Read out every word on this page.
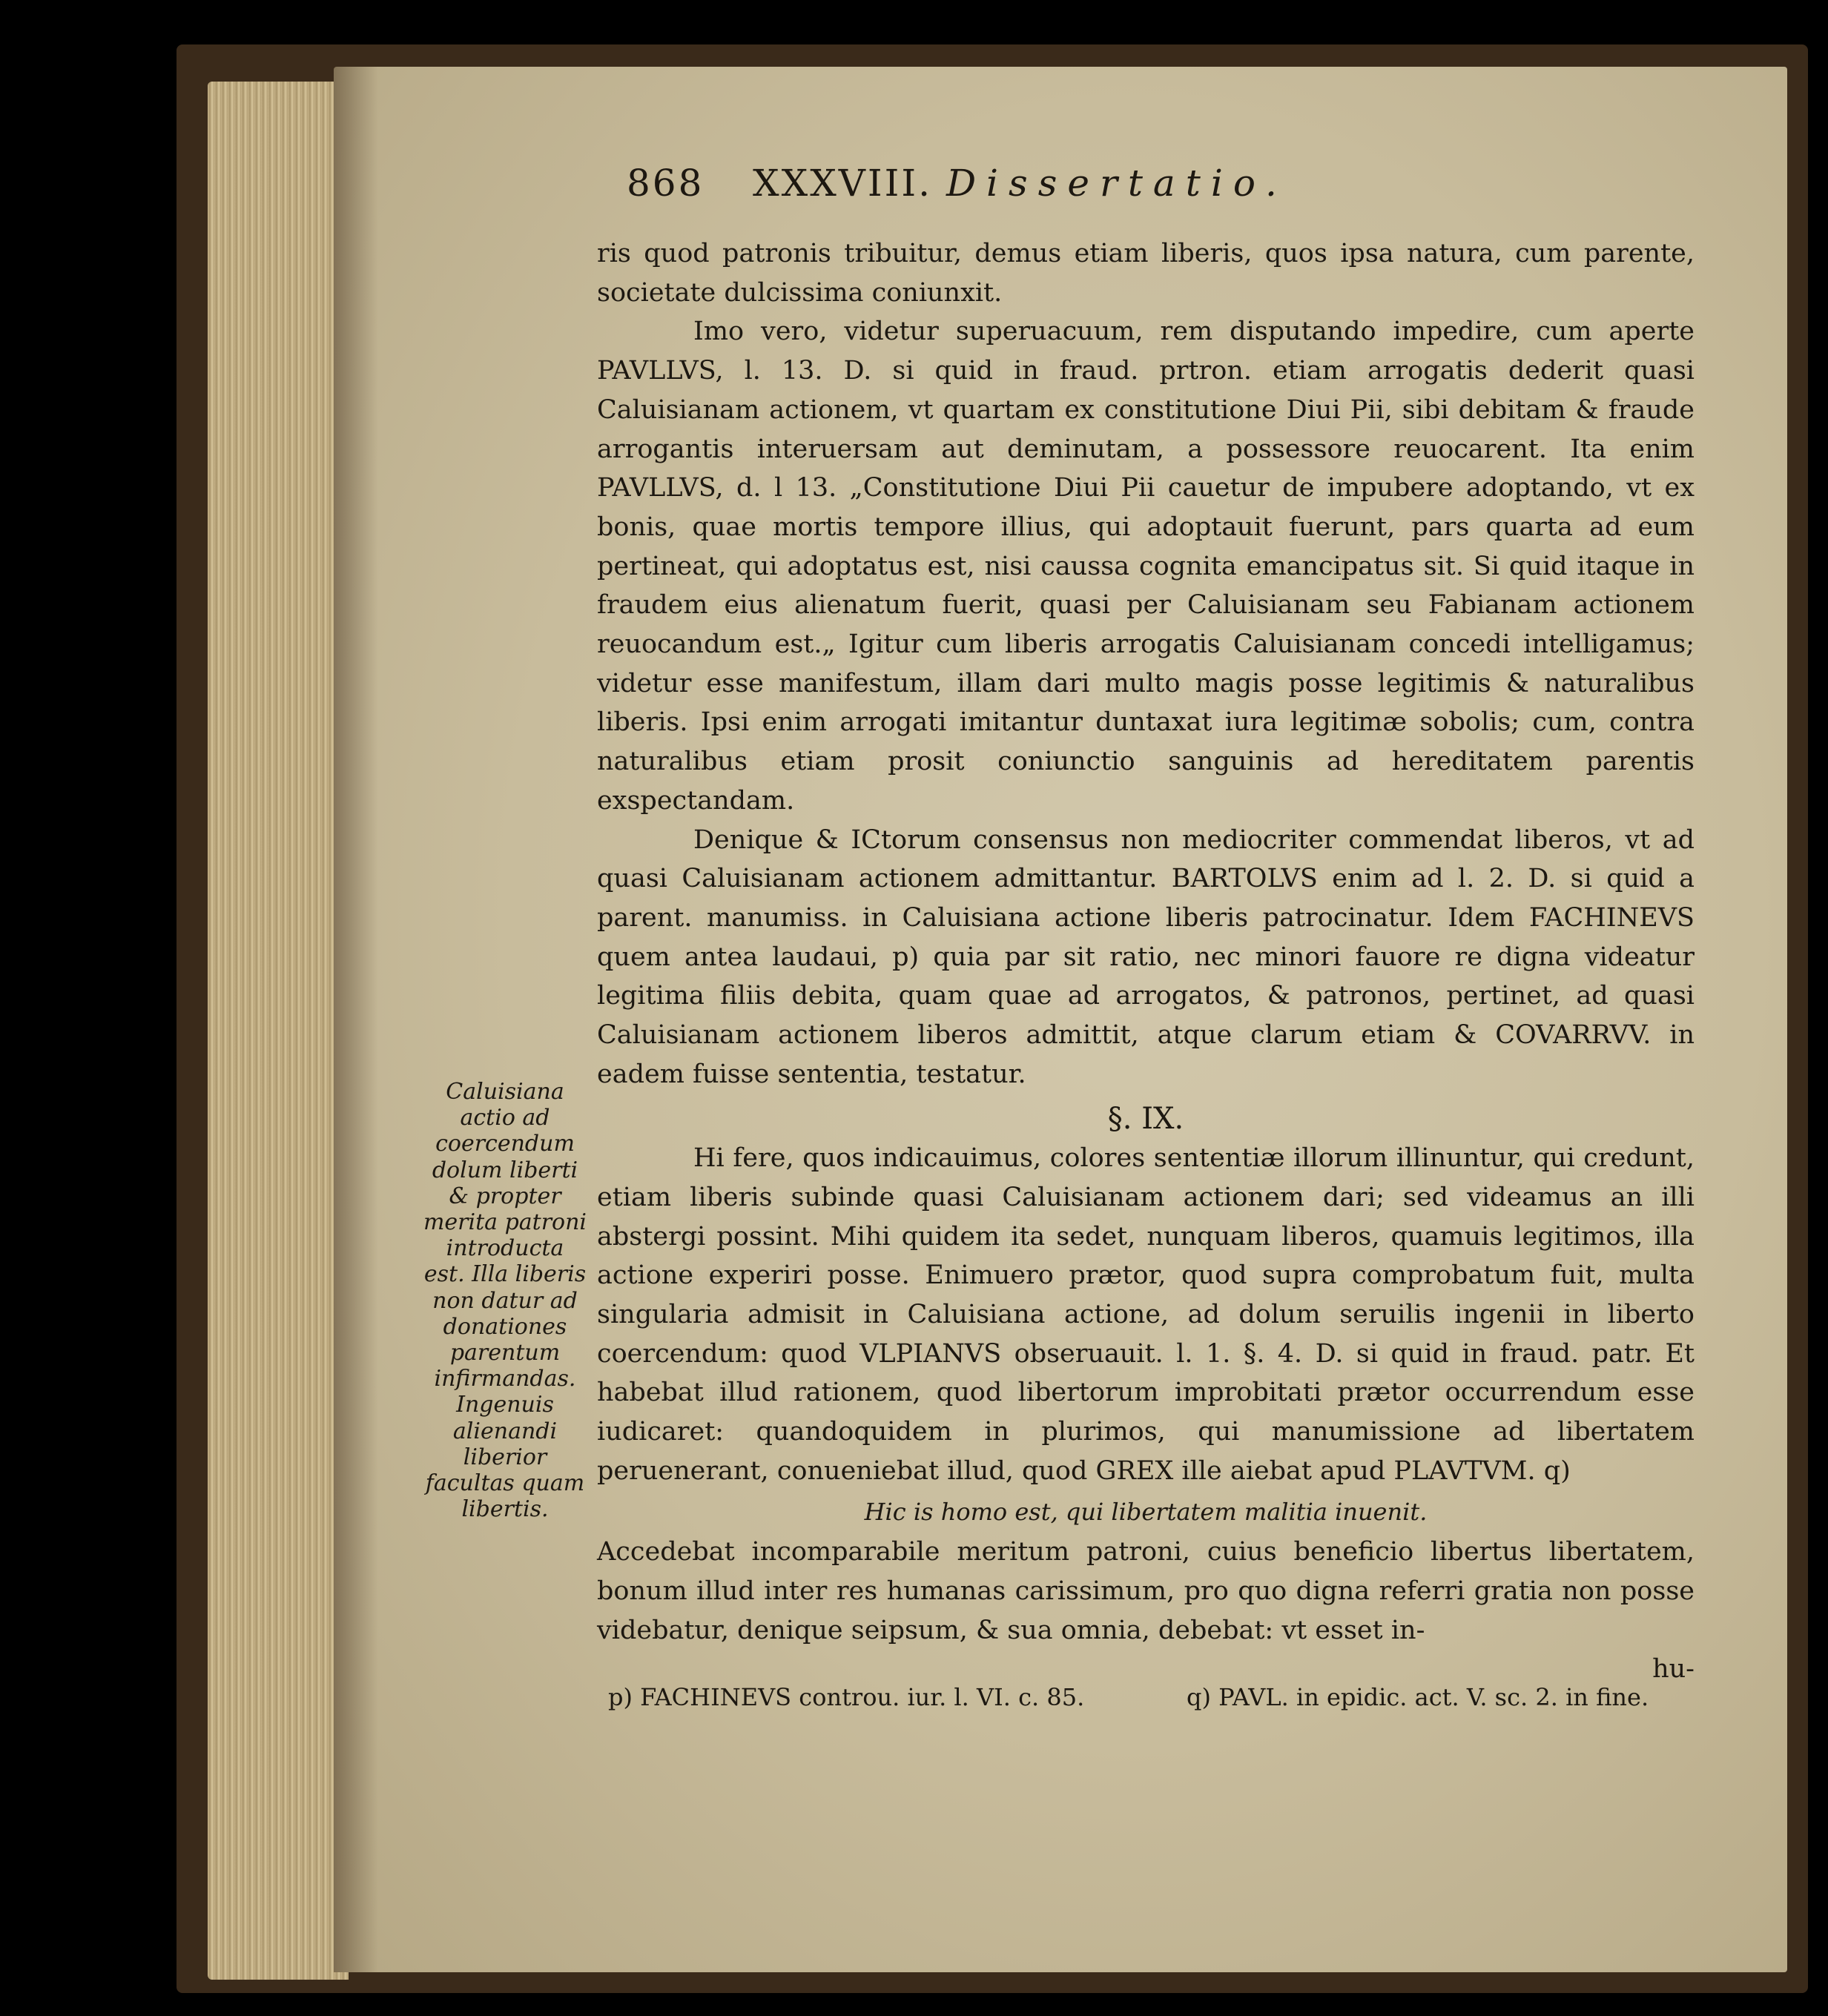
868 XXXVIII. Dissertatio.

ris quod patronis tribuitur, demus etiam liberis, quos ipsa natura, cum parente, societate dulcissima coniunxit.

Imo vero, videtur superuacuum, rem disputando impedire, cum aperte PAVLLVS, l. 13. D. si quid in fraud. prtron. etiam arrogatis dederit quasi Caluisianam actionem, vt quartam ex constitutione Diui Pii, sibi debitam & fraude arrogantis interuersam aut deminutam, a possessore reuocarent. Ita enim PAVLLVS, d. l 13. „Constitutione Diui Pii cauetur de impubere adoptando, vt ex bonis, quae mortis tempore illius, qui adoptauit fuerunt, pars quarta ad eum pertineat, qui adoptatus est, nisi caussa cognita emancipatus sit. Si quid itaque in fraudem eius alienatum fuerit, quasi per Caluisianam seu Fabianam actionem reuocandum est.„ Igitur cum liberis arrogatis Caluisianam concedi intelligamus; videtur esse manifestum, illam dari multo magis posse legitimis & naturalibus liberis. Ipsi enim arrogati imitantur duntaxat iura legitimæ sobolis; cum, contra naturalibus etiam prosit coniunctio sanguinis ad hereditatem parentis exspectandam.

Denique & ICtorum consensus non mediocriter commendat liberos, vt ad quasi Caluisianam actionem admittantur. BARTOLVS enim ad l. 2. D. si quid a parent. manumiss. in Caluisiana actione liberis patrocinatur. Idem FACHINEVS quem antea laudaui, p) quia par sit ratio, nec minori fauore re digna videatur legitima filiis debita, quam quae ad arrogatos, & patronos, pertinet, ad quasi Caluisianam actionem liberos admittit, atque clarum etiam & COVARRVV. in eadem fuisse sententia, testatur.

§. IX.

Hi fere, quos indicauimus, colores sententiæ illorum illinuntur, qui credunt, etiam liberis subinde quasi Caluisianam actionem dari; sed videamus an illi abstergi possint. Mihi quidem ita sedet, nunquam liberos, quamuis legitimos, illa actione experiri posse. Enimuero prætor, quod supra comprobatum fuit, multa singularia admisit in Caluisiana actione, ad dolum seruilis ingenii in liberto coercendum: quod VLPIANVS obseruauit. l. 1. §. 4. D. si quid in fraud. patr. Et habebat illud rationem, quod libertorum improbitati prætor occurrendum esse iudicaret: quandoquidem in plurimos, qui manumissione ad libertatem peruenerant, conueniebat illud, quod GREX ille aiebat apud PLAVTVM. q)

Hic is homo est, qui libertatem malitia inuenit.

Accedebat incomparabile meritum patroni, cuius beneficio libertus libertatem, bonum illud inter res humanas carissimum, pro quo digna referri gratia non posse videbatur, denique seipsum, & sua omnia, debebat: vt esset in-

hu-

Caluisiana actio ad coercendum dolum liberti & propter merita patroni introducta est. Illa liberis non datur ad donationes parentum infirmandas. Ingenuis alienandi liberior facultas quam libertis.
p) FACHINEVS controu. iur. l. VI. c. 85.	q) PAVL. in epidic. act. V. sc. 2. in fine.
